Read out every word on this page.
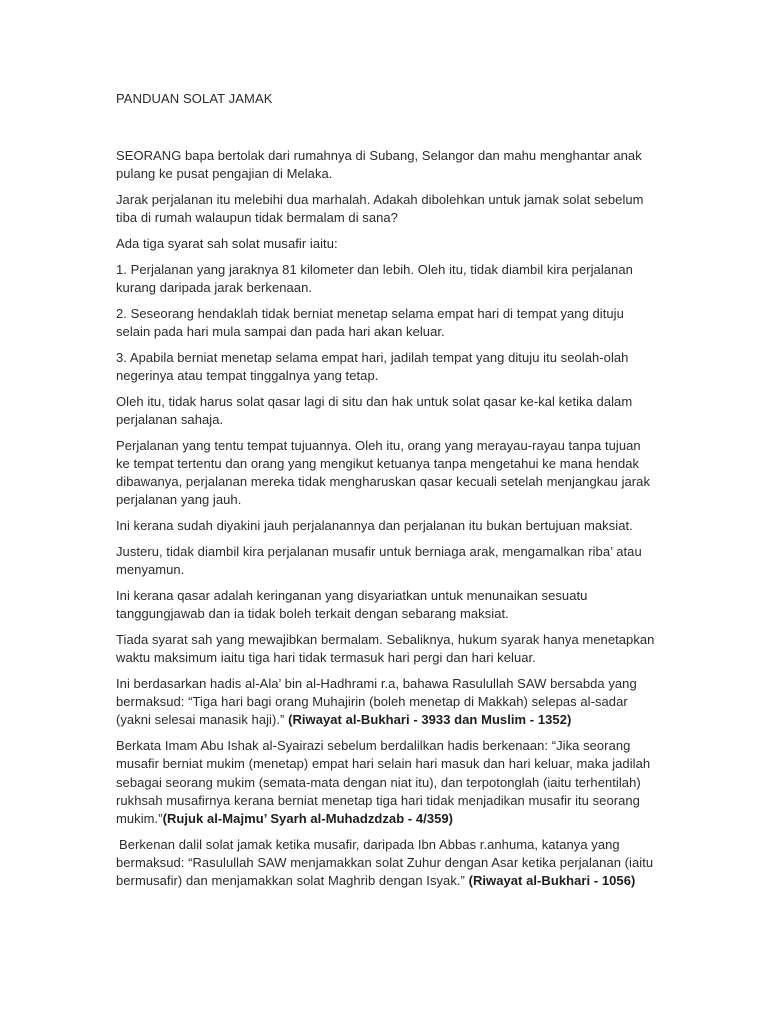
PANDUAN SOLAT JAMAK

SEORANG bapa bertolak dari rumahnya di Subang, Selangor dan mahu menghantar anak pulang ke pusat pengajian di Melaka.

Jarak perjalanan itu melebihi dua marhalah. Adakah dibolehkan untuk jamak solat sebelum tiba di rumah walaupun tidak bermalam di sana?

Ada tiga syarat sah solat musafir iaitu:

1. Perjalanan yang jaraknya 81 kilometer dan lebih. Oleh itu, tidak diambil kira perjalanan kurang daripada jarak berkenaan.

2. Seseorang hendaklah tidak berniat menetap selama empat hari di tempat yang dituju selain pada hari mula sampai dan pada hari akan keluar.

3. Apabila berniat menetap selama empat hari, jadilah tempat yang dituju itu seolah-olah negerinya atau tempat tinggalnya yang tetap.

Oleh itu, tidak harus solat qasar lagi di situ dan hak untuk solat qasar ke-kal ketika dalam perjalanan sahaja.

Perjalanan yang tentu tempat tujuannya. Oleh itu, orang yang merayau-rayau tanpa tujuan ke tempat tertentu dan orang yang mengikut ketuanya tanpa mengetahui ke mana hendak dibawanya, perjalanan mereka tidak mengharuskan qasar kecuali setelah menjangkau jarak perjalanan yang jauh.

Ini kerana sudah diyakini jauh perjalanannya dan perjalanan itu bukan bertujuan maksiat.

Justeru, tidak diambil kira perjalanan musafir untuk berniaga arak, mengamalkan riba’ atau menyamun.

Ini kerana qasar adalah keringanan yang disyariatkan untuk menunaikan sesuatu tanggungjawab dan ia tidak boleh terkait dengan sebarang maksiat.

Tiada syarat sah yang mewajibkan bermalam. Sebaliknya, hukum syarak hanya menetapkan waktu maksimum iaitu tiga hari tidak termasuk hari pergi dan hari keluar.

Ini berdasarkan hadis al-Ala’ bin al-Hadhrami r.a, bahawa Rasulullah SAW bersabda yang bermaksud: “Tiga hari bagi orang Muhajirin (boleh menetap di Makkah) selepas al-sadar (yakni selesai manasik haji).” (Riwayat al-Bukhari - 3933 dan Muslim - 1352)

Berkata Imam Abu Ishak al-Syairazi sebelum berdalilkan hadis berkenaan: “Jika seorang musafir berniat mukim (menetap) empat hari selain hari masuk dan hari keluar, maka jadilah sebagai seorang mukim (semata-mata dengan niat itu), dan terpotonglah (iaitu terhentilah) rukhsah musafirnya kerana berniat menetap tiga hari tidak menjadikan musafir itu seorang mukim.”(Rujuk al-Majmu’ Syarh al-Muhadzdzab - 4/359)

Berkenan dalil solat jamak ketika musafir, daripada Ibn Abbas r.anhuma, katanya yang bermaksud: “Rasulullah SAW menjamakkan solat Zuhur dengan Asar ketika perjalanan (iaitu bermusafir) dan menjamakkan solat Maghrib dengan Isyak.” (Riwayat al-Bukhari - 1056)
